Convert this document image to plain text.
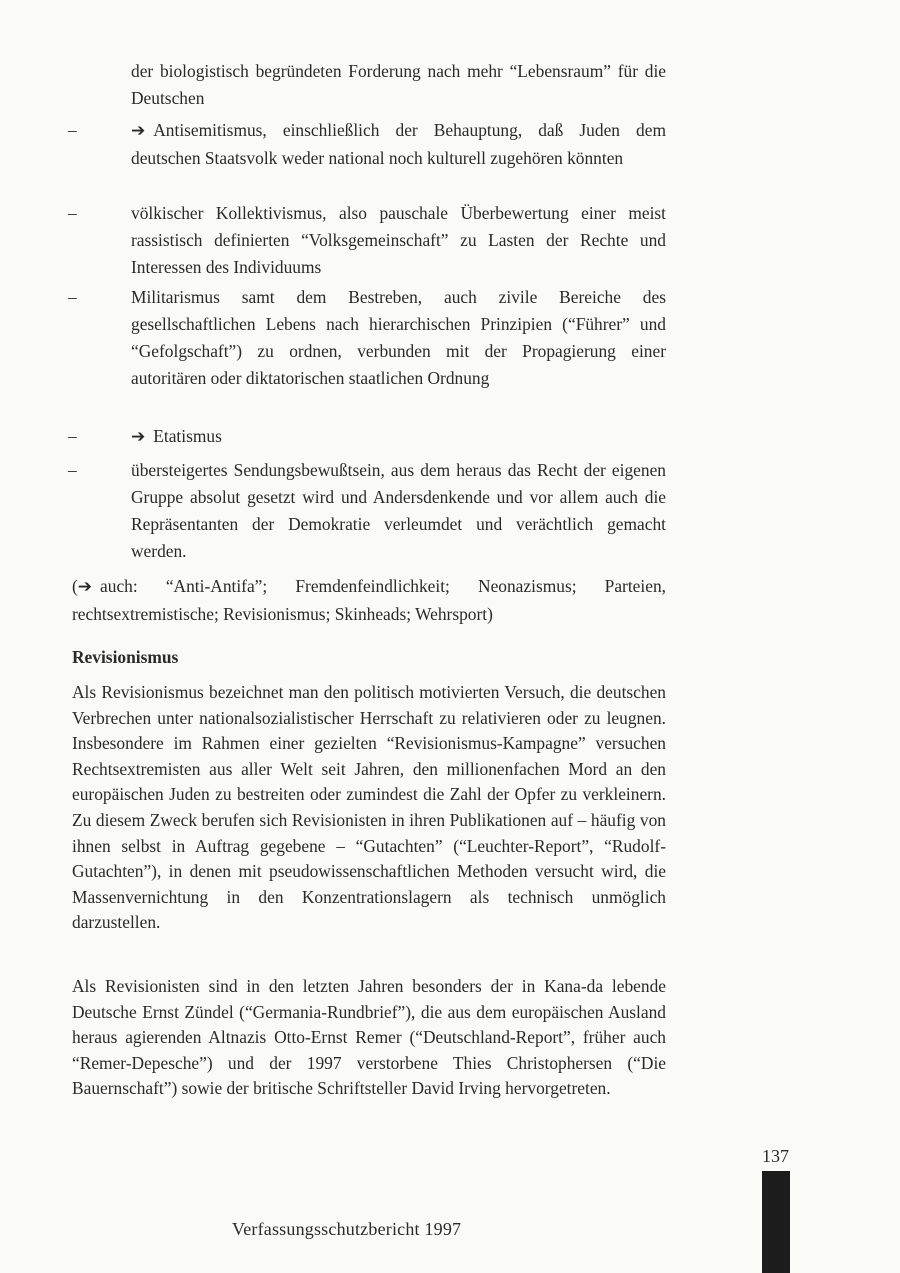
der biologistisch begründeten Forderung nach mehr “Lebensraum” für die Deutschen
–	➔ Antisemitismus, einschließlich der Behauptung, daß Juden dem deutschen Staatsvolk weder national noch kulturell zugehören könnten
–	völkischer Kollektivismus, also pauschale Überbewertung einer meist rassistisch definierten “Volksgemeinschaft” zu Lasten der Rechte und Interessen des Individuums
–	Militarismus samt dem Bestreben, auch zivile Bereiche des gesellschaftlichen Lebens nach hierarchischen Prinzipien (“Führer” und “Gefolgschaft”) zu ordnen, verbunden mit der Propagierung einer autoritären oder diktatorischen staatlichen Ordnung
–	➔ Etatismus
–	übersteigertes Sendungsbewußtsein, aus dem heraus das Recht der eigenen Gruppe absolut gesetzt wird und Andersdenkende und vor allem auch die Repräsentanten der Demokratie verleumdet und verächtlich gemacht werden.
(➔ auch: “Anti-Antifa”; Fremdenfeindlichkeit; Neonazismus; Parteien, rechtsextremistische; Revisionismus; Skinheads; Wehrsport)
Revisionismus
Als Revisionismus bezeichnet man den politisch motivierten Versuch, die deutschen Verbrechen unter nationalsozialistischer Herrschaft zu relativieren oder zu leugnen. Insbesondere im Rahmen einer gezielten “Revisionismus-Kampagne” versuchen Rechtsextremisten aus aller Welt seit Jahren, den millionenfachen Mord an den europäischen Juden zu bestreiten oder zumindest die Zahl der Opfer zu verkleinern. Zu diesem Zweck berufen sich Revisionisten in ihren Publikationen auf – häufig von ihnen selbst in Auftrag gegebene – “Gutachten” (“Leuchter-Report”, “Rudolf-Gutachten”), in denen mit pseudowissenschaftlichen Methoden versucht wird, die Massenvernichtung in den Konzentrationslagern als technisch unmöglich darzustellen.
Als Revisionisten sind in den letzten Jahren besonders der in Kana-da lebende Deutsche Ernst Zündel (“Germania-Rundbrief”), die aus dem europäischen Ausland heraus agierenden Altnazis Otto-Ernst Remer (“Deutschland-Report”, früher auch “Remer-Depesche”) und der 1997 verstorbene Thies Christophersen (“Die Bauernschaft”) sowie der britische Schriftsteller David Irving hervorgetreten.
137
Verfassungsschutzbericht 1997
